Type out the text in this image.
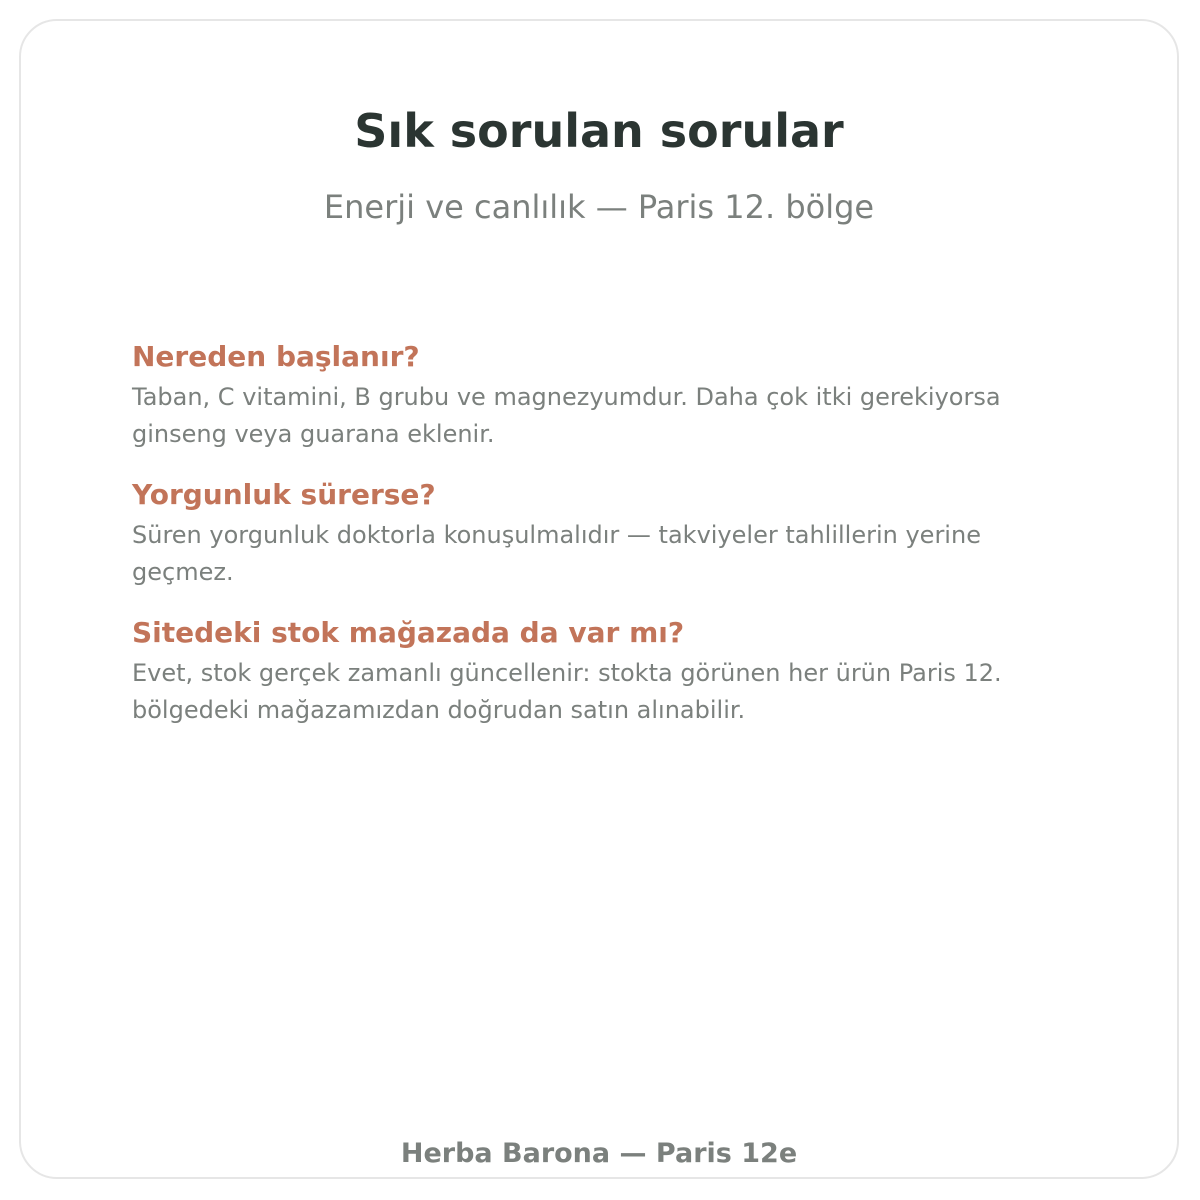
Sık sorulan sorular

Enerji ve canlılık — Paris 12. bölge

Nereden başlanır?

Taban, C vitamini, B grubu ve magnezyumdur. Daha çok itki gerekiyorsa ginseng veya guarana eklenir.

Yorgunluk sürerse?

Süren yorgunluk doktorla konuşulmalıdır — takviyeler tahlillerin yerine geçmez.

Sitedeki stok mağazada da var mı?

Evet, stok gerçek zamanlı güncellenir: stokta görünen her ürün Paris 12. bölgedeki mağazamızdan doğrudan satın alınabilir.

Herba Barona — Paris 12e
